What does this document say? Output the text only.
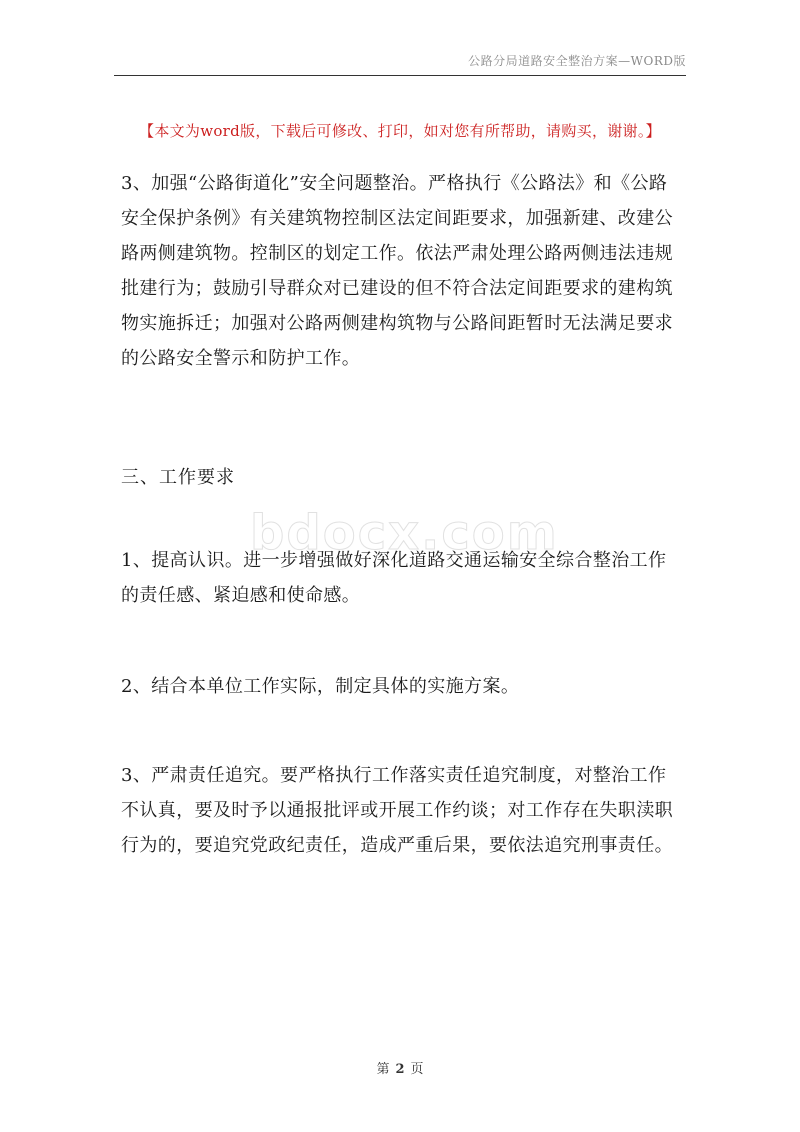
公路分局道路安全整治方案—WORD版
【本文为word版，下载后可修改、打印，如对您有所帮助，请购买，谢谢。】
bdocx.com
3、加强“公路街道化”安全问题整治。严格执行《公路法》和《公路安全保护条例》有关建筑物控制区法定间距要求，加强新建、改建公路两侧建筑物。控制区的划定工作。依法严肃处理公路两侧违法违规批建行为；鼓励引导群众对已建设的但不符合法定间距要求的建构筑物实施拆迁；加强对公路两侧建构筑物与公路间距暂时无法满足要求的公路安全警示和防护工作。
三、工作要求
1、提高认识。进一步增强做好深化道路交通运输安全综合整治工作的责任感、紧迫感和使命感。
2、结合本单位工作实际，制定具体的实施方案。
3、严肃责任追究。要严格执行工作落实责任追究制度，对整治工作不认真，要及时予以通报批评或开展工作约谈；对工作存在失职渎职行为的，要追究党政纪责任，造成严重后果，要依法追究刑事责任。
第 2 页
